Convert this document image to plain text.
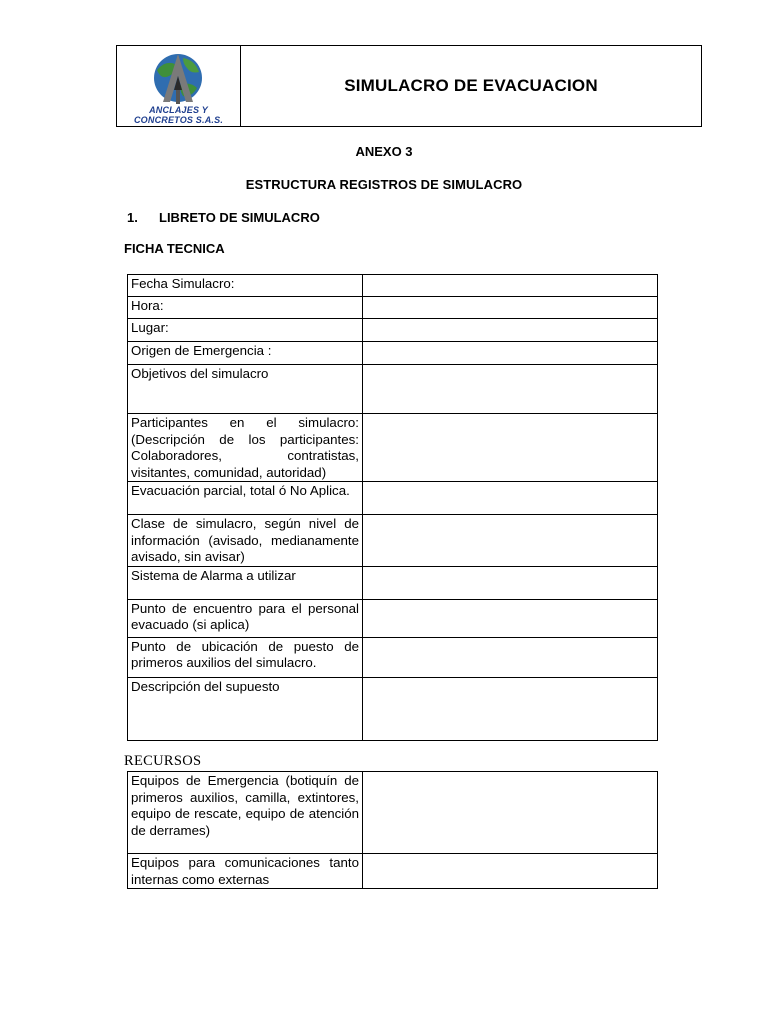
ANCLAJES Y
CONCRETOS S.A.S.
SIMULACRO DE EVACUACION
ANEXO 3
ESTRUCTURA REGISTROS DE SIMULACRO
1. LIBRETO DE SIMULACRO
FICHA TECNICA
Fecha Simulacro:	
Hora:	
Lugar:	
Origen de Emergencia :	
Objetivos del simulacro	
Participantes en el simulacro: (Descripción de los participantes: Colaboradores, contratistas, visitantes, comunidad, autoridad)	
Evacuación parcial, total ó No Aplica.	
Clase de simulacro, según nivel de información (avisado, medianamente avisado, sin avisar)	
Sistema de Alarma a utilizar	
Punto de encuentro para el personal evacuado (si aplica)	
Punto de ubicación de puesto de primeros auxilios del simulacro.	
Descripción del supuesto	
RECURSOS
Equipos de Emergencia (botiquín de primeros auxilios, camilla, extintores, equipo de rescate, equipo de atención de derrames)	
Equipos para comunicaciones tanto internas como externas	
